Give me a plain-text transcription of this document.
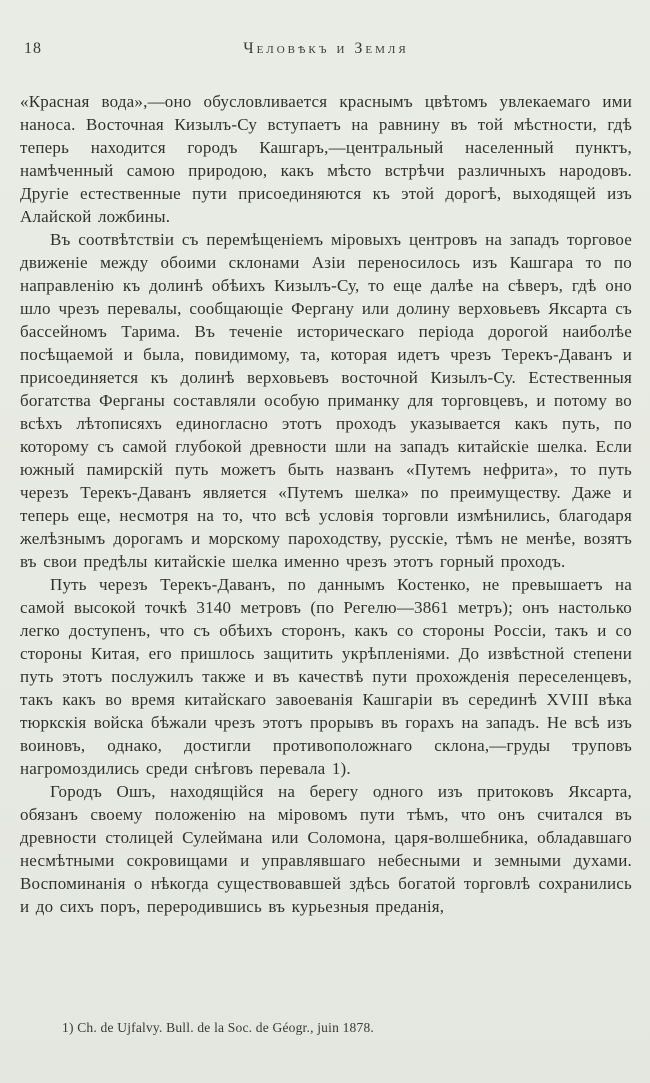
18	Человѣкъ и Земля

«Красная вода»,—оно обусловливается краснымъ цвѣтомъ увлекаемаго ими наноса. Восточная Кизылъ-Су вступаетъ на равнину въ той мѣстности, гдѣ теперь находится городъ Кашгаръ,—центральный населенный пунктъ, намѣченный самою природою, какъ мѣсто встрѣчи различныхъ народовъ. Другіе естественные пути присоединяются къ этой дорогѣ, выходящей изъ Алайской ложбины.

Въ соотвѣтствіи съ перемѣщеніемъ міровыхъ центровъ на западъ торговое движеніе между обоими склонами Азіи переносилось изъ Кашгара то по направленію къ долинѣ обѣихъ Кизылъ-Су, то еще далѣе на сѣверъ, гдѣ оно шло чрезъ перевалы, сообщающіе Фергану или долину верховьевъ Яксарта съ бассейномъ Тарима. Въ теченіе историческаго періода дорогой наиболѣе посѣщаемой и была, повидимому, та, которая идетъ чрезъ Терекъ-Даванъ и присоединяется къ долинѣ верховьевъ восточной Кизылъ-Су. Естественныя богатства Ферганы составляли особую приманку для торговцевъ, и потому во всѣхъ лѣтописяхъ единогласно этотъ проходъ указывается какъ путь, по которому съ самой глубокой древности шли на западъ китайскіе шелка. Если южный памирскій путь можетъ быть названъ «Путемъ нефрита», то путь черезъ Терекъ-Даванъ является «Путемъ шелка» по преимуществу. Даже и теперь еще, несмотря на то, что всѣ условія торговли измѣнились, благодаря желѣзнымъ дорогамъ и морскому пароходству, русскіе, тѣмъ не менѣе, возятъ въ свои предѣлы китайскіе шелка именно чрезъ этотъ горный проходъ.

Путь черезъ Терекъ-Даванъ, по даннымъ Костенко, не превышаетъ на самой высокой точкѣ 3140 метровъ (по Регелю—3861 метръ); онъ настолько легко доступенъ, что съ обѣихъ сторонъ, какъ со стороны Россіи, такъ и со стороны Китая, его пришлось защитить укрѣпленіями. До извѣстной степени путь этотъ послужилъ также и въ качествѣ пути прохожденія переселенцевъ, такъ какъ во время китайскаго завоеванія Кашгаріи въ серединѣ XVIII вѣка тюркскія войска бѣжали чрезъ этотъ прорывъ въ горахъ на западъ. Не всѣ изъ воиновъ, однако, достигли противоположнаго склона,—груды труповъ нагромоздились среди снѣговъ перевала 1).

Городъ Ошъ, находящійся на берегу одного изъ притоковъ Яксарта, обязанъ своему положенію на міровомъ пути тѣмъ, что онъ считался въ древности столицей Сулеймана или Соломона, царя-волшебника, обладавшаго несмѣтными сокровищами и управлявшаго небесными и земными духами. Воспоминанія о нѣкогда существовавшей здѣсь богатой торговлѣ сохранились и до сихъ поръ, переродившись въ курьезныя преданія,

1) Ch. de Ujfalvy. Bull. de la Soc. de Géogr., juin 1878.
